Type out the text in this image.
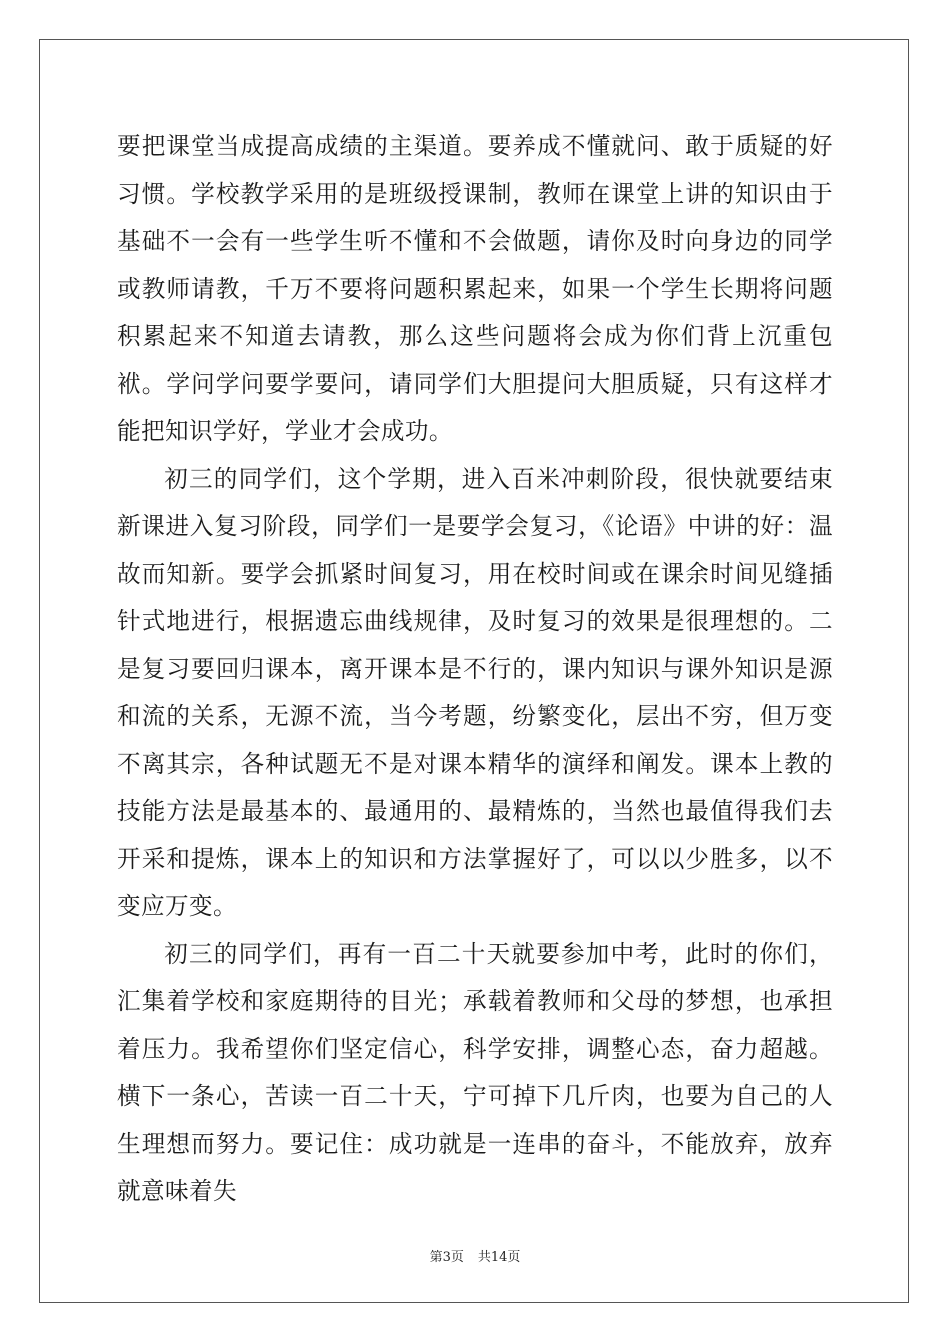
要把课堂当成提高成绩的主渠道。要养成不懂就问、敢于质疑的好习惯。学校教学采用的是班级授课制，教师在课堂上讲的知识由于基础不一会有一些学生听不懂和不会做题，请你及时向身边的同学或教师请教，千万不要将问题积累起来，如果一个学生长期将问题积累起来不知道去请教，那么这些问题将会成为你们背上沉重包袱。学问学问要学要问，请同学们大胆提问大胆质疑，只有这样才能把知识学好，学业才会成功。

初三的同学们，这个学期，进入百米冲刺阶段，很快就要结束新课进入复习阶段，同学们一是要学会复习，《论语》中讲的好：温故而知新。要学会抓紧时间复习，用在校时间或在课余时间见缝插针式地进行，根据遗忘曲线规律，及时复习的效果是很理想的。二是复习要回归课本，离开课本是不行的，课内知识与课外知识是源和流的关系，无源不流，当今考题，纷繁变化，层出不穷，但万变不离其宗，各种试题无不是对课本精华的演绎和阐发。课本上教的技能方法是最基本的、最通用的、最精炼的，当然也最值得我们去开采和提炼，课本上的知识和方法掌握好了，可以以少胜多，以不变应万变。

初三的同学们，再有一百二十天就要参加中考，此时的你们，汇集着学校和家庭期待的目光；承载着教师和父母的梦想，也承担着压力。我希望你们坚定信心，科学安排，调整心态，奋力超越。横下一条心，苦读一百二十天，宁可掉下几斤肉，也要为自己的人生理想而努力。要记住：成功就是一连串的奋斗，不能放弃，放弃就意味着失

第3页 共14页
